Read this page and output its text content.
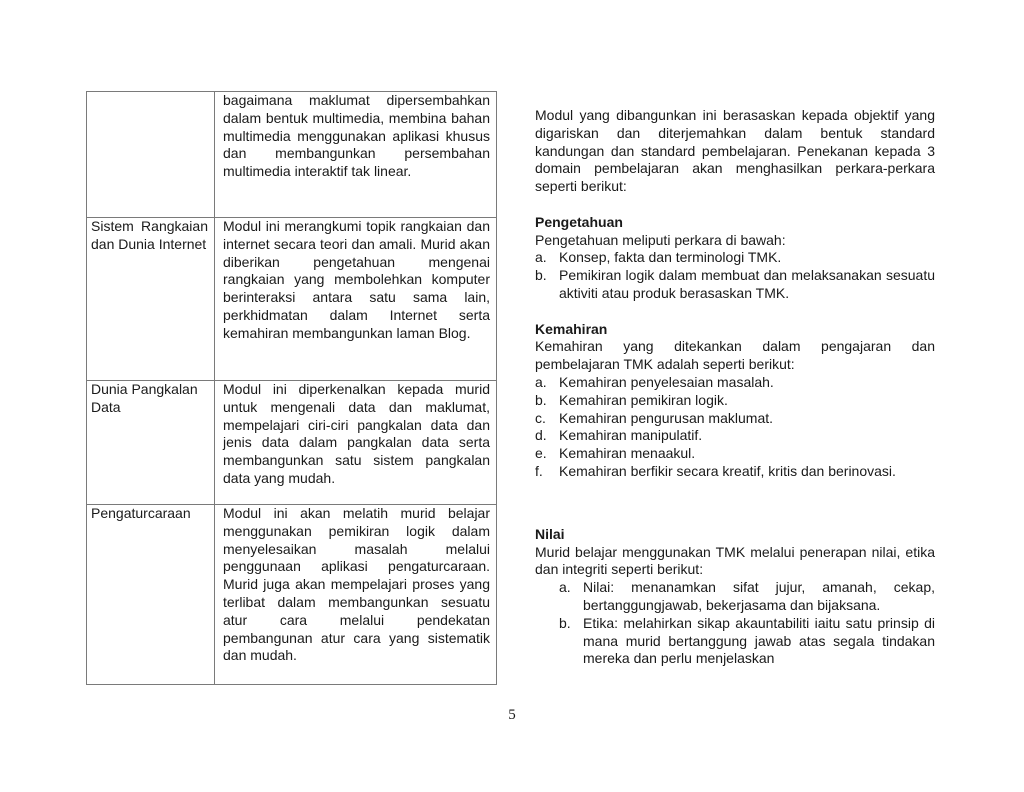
	bagaimana maklumat dipersembahkan dalam bentuk multimedia, membina bahan multimedia menggunakan aplikasi khusus dan membangunkan persembahan multimedia interaktif tak linear.
Sistem Rangkaian dan Dunia Internet	Modul ini merangkumi topik rangkaian dan internet secara teori dan amali. Murid akan diberikan pengetahuan mengenai rangkaian yang membolehkan komputer berinteraksi antara satu sama lain, perkhidmatan dalam Internet serta kemahiran membangunkan laman Blog.

Dunia Pangkalan Data	Modul ini diperkenalkan kepada murid untuk mengenali data dan maklumat, mempelajari ciri-ciri pangkalan data dan jenis data dalam pangkalan data serta membangunkan satu sistem pangkalan data yang mudah.
Pengaturcaraan	Modul ini akan melatih murid belajar menggunakan pemikiran logik dalam menyelesaikan masalah melalui penggunaan aplikasi pengaturcaraan. Murid juga akan mempelajari proses yang terlibat dalam membangunkan sesuatu atur cara melalui pendekatan pembangunan atur cara yang sistematik dan mudah.

Modul yang dibangunkan ini berasaskan kepada objektif yang digariskan dan diterjemahkan dalam bentuk standard kandungan dan standard pembelajaran. Penekanan kepada 3 domain pembelajaran akan menghasilkan perkara-perkara seperti berikut:

Pengetahuan

Pengetahuan meliputi perkara di bawah:

a. Konsep, fakta dan terminologi TMK.
b. Pemikiran logik dalam membuat dan melaksanakan sesuatu aktiviti atau produk berasaskan TMK.

Kemahiran

Kemahiran yang ditekankan dalam pengajaran dan pembelajaran TMK adalah seperti berikut:

a. Kemahiran penyelesaian masalah.
b. Kemahiran pemikiran logik.
c. Kemahiran pengurusan maklumat.
d. Kemahiran manipulatif.
e. Kemahiran menaakul.
f. Kemahiran berfikir secara kreatif, kritis dan berinovasi.

Nilai

Murid belajar menggunakan TMK melalui penerapan nilai, etika dan integriti seperti berikut:

a. Nilai: menanamkan sifat jujur, amanah, cekap, bertanggungjawab, bekerjasama dan bijaksana.
b. Etika: melahirkan sikap akauntabiliti iaitu satu prinsip di mana murid bertanggung jawab atas segala tindakan mereka dan perlu menjelaskan
5
